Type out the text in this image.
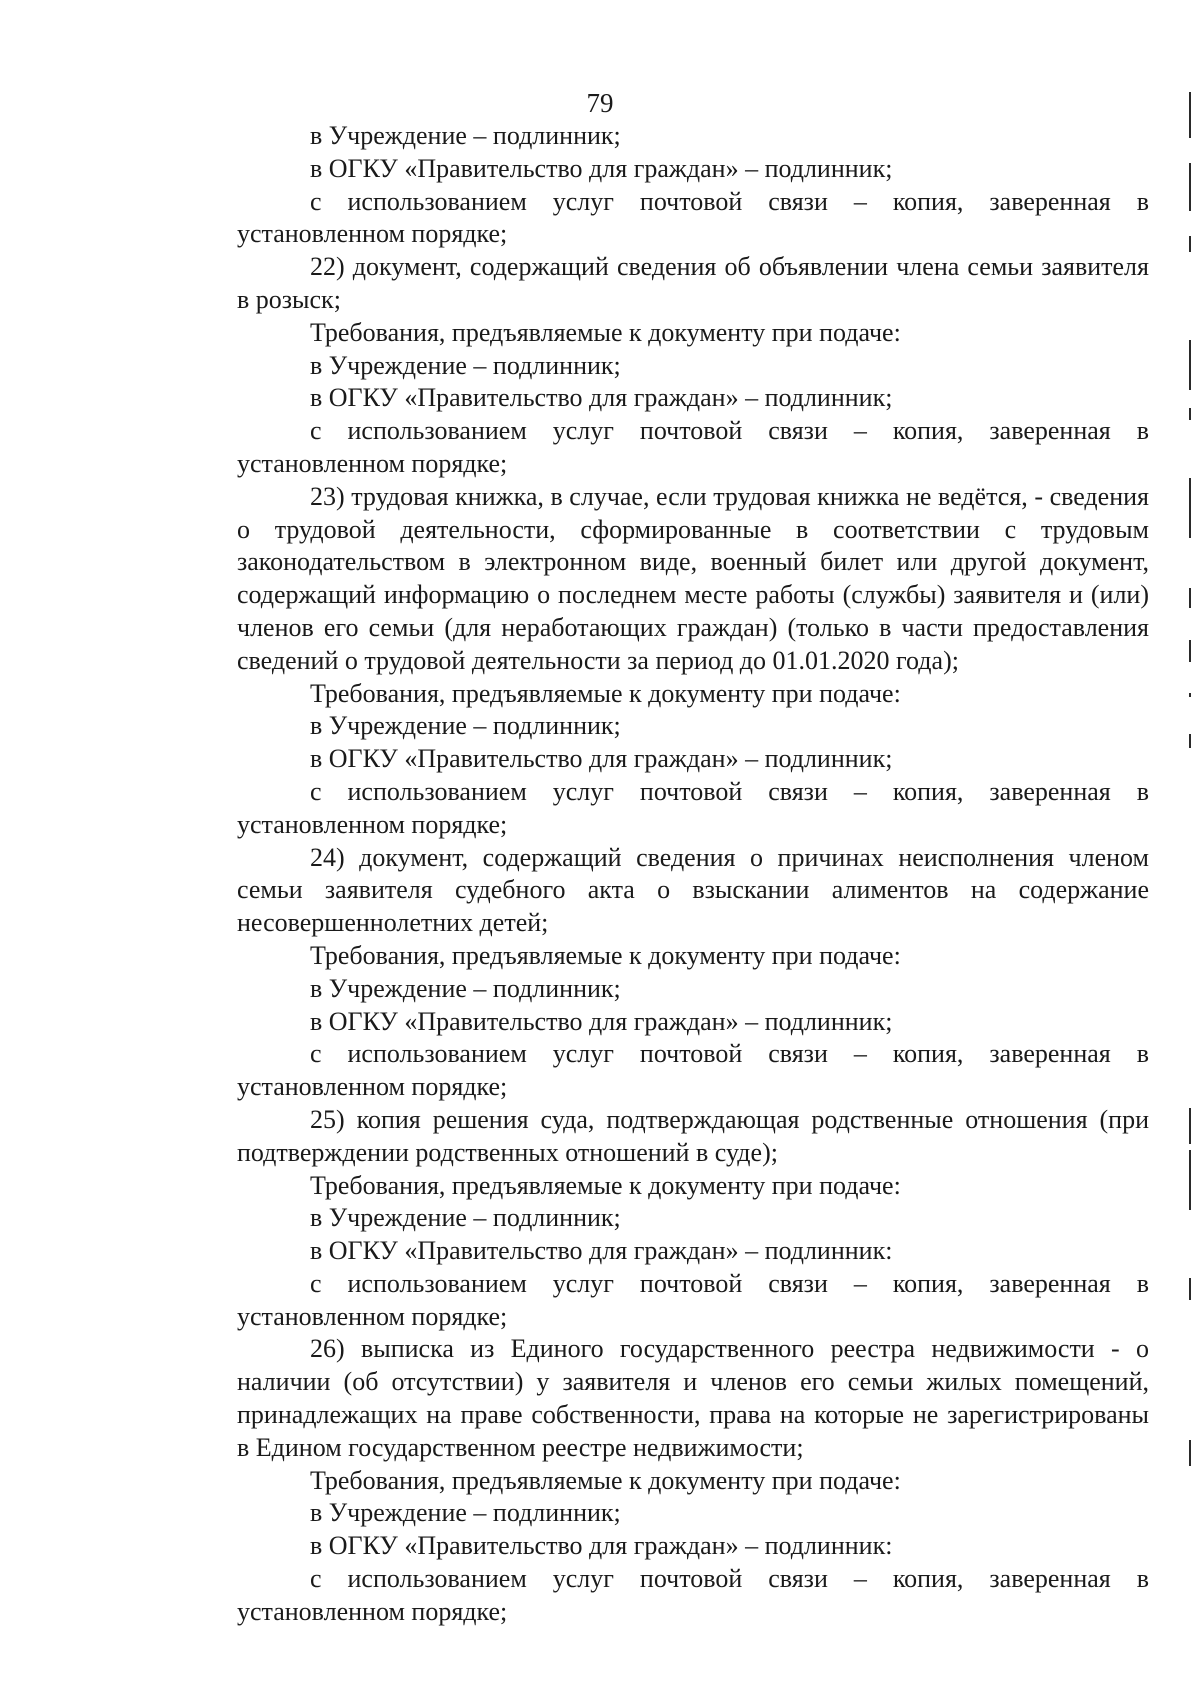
79

в Учреждение – подлинник;

в ОГКУ «Правительство для граждан» – подлинник;

с использованием услуг почтовой связи – копия, заверенная в установленном порядке;

22) документ, содержащий сведения об объявлении члена семьи заявителя в розыск;

Требования, предъявляемые к документу при подаче:

в Учреждение – подлинник;

в ОГКУ «Правительство для граждан» – подлинник;

с использованием услуг почтовой связи – копия, заверенная в установленном порядке;

23) трудовая книжка, в случае, если трудовая книжка не ведётся, - сведения о трудовой деятельности, сформированные в соответствии с трудовым законодательством в электронном виде, военный билет или другой документ, содержащий информацию о последнем месте работы (службы) заявителя и (или) членов его семьи (для неработающих граждан) (только в части предоставления сведений о трудовой деятельности за период до 01.01.2020 года);

Требования, предъявляемые к документу при подаче:

в Учреждение – подлинник;

в ОГКУ «Правительство для граждан» – подлинник;

с использованием услуг почтовой связи – копия, заверенная в установленном порядке;

24) документ, содержащий сведения о причинах неисполнения членом семьи заявителя судебного акта о взыскании алиментов на содержание несовершеннолетних детей;

Требования, предъявляемые к документу при подаче:

в Учреждение – подлинник;

в ОГКУ «Правительство для граждан» – подлинник;

с использованием услуг почтовой связи – копия, заверенная в установленном порядке;

25) копия решения суда, подтверждающая родственные отношения (при подтверждении родственных отношений в суде);

Требования, предъявляемые к документу при подаче:

в Учреждение – подлинник;

в ОГКУ «Правительство для граждан» – подлинник:

с использованием услуг почтовой связи – копия, заверенная в установленном порядке;

26) выписка из Единого государственного реестра недвижимости - о наличии (об отсутствии) у заявителя и членов его семьи жилых помещений, принадлежащих на праве собственности, права на которые не зарегистрированы в Едином государственном реестре недвижимости;

Требования, предъявляемые к документу при подаче:

в Учреждение – подлинник;

в ОГКУ «Правительство для граждан» – подлинник:

с использованием услуг почтовой связи – копия, заверенная в установленном порядке;
